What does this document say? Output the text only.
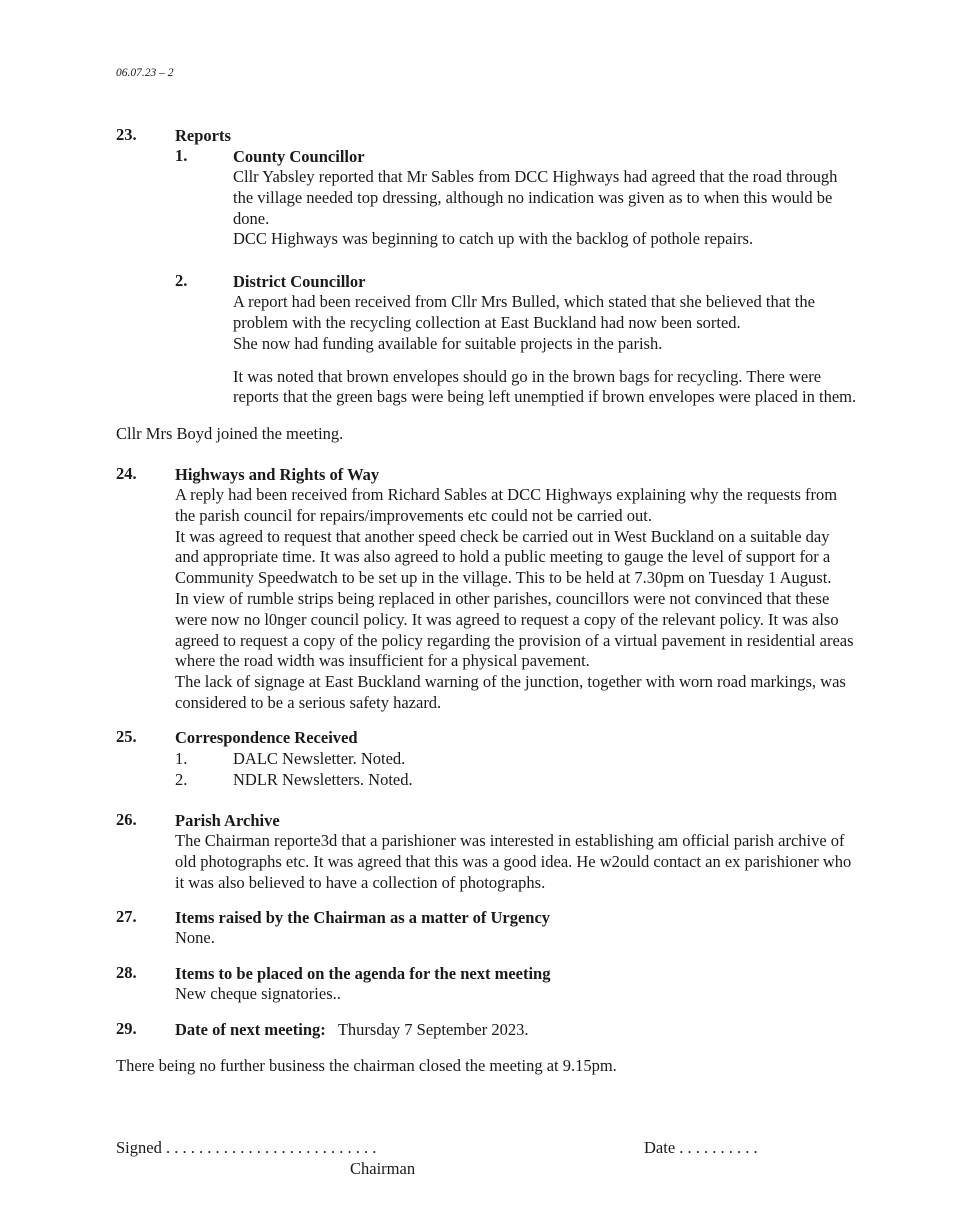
06.07.23 – 2
23. Reports
1.	County Councillor
Cllr Yabsley reported that Mr Sables from DCC Highways had agreed that the road through
the village needed top dressing, although no indication was given as to when this would be
done.
DCC Highways was beginning to catch up with the backlog of pothole repairs.
2.	District Councillor
A report had been received from Cllr Mrs Bulled, which stated that she believed that the
problem with the recycling collection at East Buckland had now been sorted.
She now had funding available for suitable projects in the parish.
It was noted that brown envelopes should go in the brown bags for recycling. There were
reports that the green bags were being left unemptied if brown envelopes were placed in them.
Cllr Mrs Boyd joined the meeting.
24. Highways and Rights of Way
A reply had been received from Richard Sables at DCC Highways explaining why the requests from
the parish council for repairs/improvements etc could not be carried out.
It was agreed to request that another speed check be carried out in West Buckland on a suitable day
and appropriate time. It was also agreed to hold a public meeting to gauge the level of support for a
Community Speedwatch to be set up in the village. This to be held at 7.30pm on Tuesday 1 August.
In view of rumble strips being replaced in other parishes, councillors were not convinced that these
were now no l0nger council policy. It was agreed to request a copy of the relevant policy. It was also
agreed to request a copy of the policy regarding the provision of a virtual pavement in residential areas
where the road width was insufficient for a physical pavement.
The lack of signage at East Buckland warning of the junction, together with worn road markings, was
considered to be a serious safety hazard.
25. Correspondence Received
1.	DALC Newsletter. Noted.
2.	NDLR Newsletters. Noted.
26. Parish Archive
The Chairman reporte3d that a parishioner was interested in establishing am official parish archive of
old photographs etc. It was agreed that this was a good idea. He w2ould contact an ex parishioner who
it was also believed to have a collection of photographs.
27. Items raised by the Chairman as a matter of Urgency
None.
28. Items to be placed on the agenda for the next meeting
New cheque signatories..
29. Date of next meeting: Thursday 7 September 2023.
There being no further business the chairman closed the meeting at 9.15pm.
Signed . . . . . . . . . . . . . . . . . . . . . . . . . .	Date . . . . . . . . . .
Chairman
